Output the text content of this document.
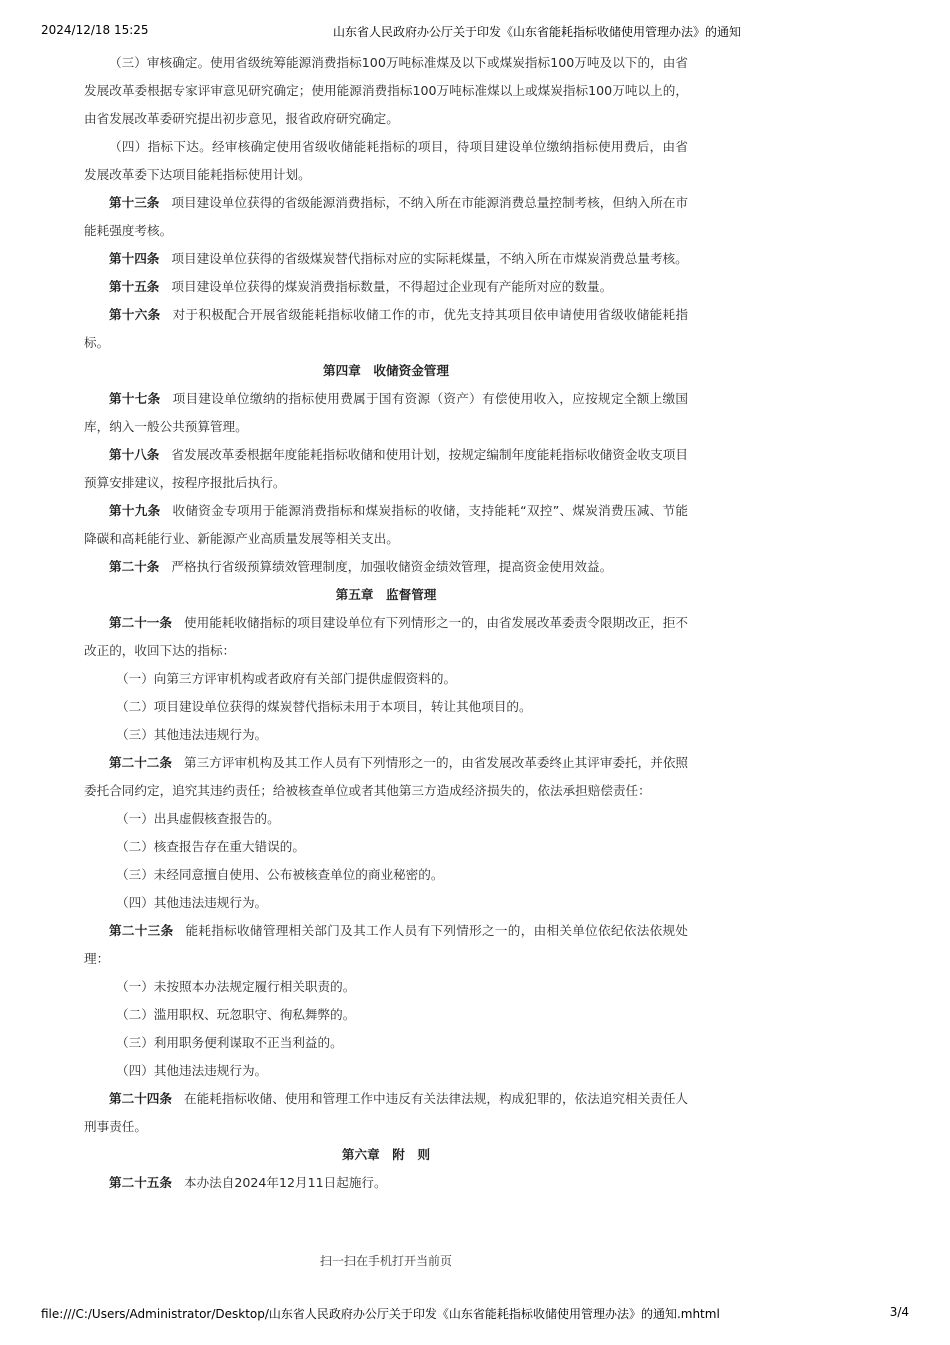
2024/12/18 15:25	山东省人民政府办公厅关于印发《山东省能耗指标收储使用管理办法》的通知

（三）审核确定。使用省级统筹能源消费指标100万吨标准煤及以下或煤炭指标100万吨及以下的，由省发展改革委根据专家评审意见研究确定；使用能源消费指标100万吨标准煤以上或煤炭指标100万吨以上的，由省发展改革委研究提出初步意见，报省政府研究确定。

（四）指标下达。经审核确定使用省级收储能耗指标的项目，待项目建设单位缴纳指标使用费后，由省发展改革委下达项目能耗指标使用计划。

第十三条 项目建设单位获得的省级能源消费指标，不纳入所在市能源消费总量控制考核，但纳入所在市能耗强度考核。

第十四条 项目建设单位获得的省级煤炭替代指标对应的实际耗煤量，不纳入所在市煤炭消费总量考核。

第十五条 项目建设单位获得的煤炭消费指标数量，不得超过企业现有产能所对应的数量。

第十六条 对于积极配合开展省级能耗指标收储工作的市，优先支持其项目依申请使用省级收储能耗指标。

第四章　收储资金管理

第十七条 项目建设单位缴纳的指标使用费属于国有资源（资产）有偿使用收入，应按规定全额上缴国库，纳入一般公共预算管理。

第十八条 省发展改革委根据年度能耗指标收储和使用计划，按规定编制年度能耗指标收储资金收支项目预算安排建议，按程序报批后执行。

第十九条 收储资金专项用于能源消费指标和煤炭指标的收储，支持能耗“双控”、煤炭消费压减、节能降碳和高耗能行业、新能源产业高质量发展等相关支出。

第二十条 严格执行省级预算绩效管理制度，加强收储资金绩效管理，提高资金使用效益。

第五章　监督管理

第二十一条 使用能耗收储指标的项目建设单位有下列情形之一的，由省发展改革委责令限期改正，拒不改正的，收回下达的指标：

（一）向第三方评审机构或者政府有关部门提供虚假资料的。

（二）项目建设单位获得的煤炭替代指标未用于本项目，转让其他项目的。

（三）其他违法违规行为。

第二十二条 第三方评审机构及其工作人员有下列情形之一的，由省发展改革委终止其评审委托，并依照委托合同约定，追究其违约责任；给被核查单位或者其他第三方造成经济损失的，依法承担赔偿责任：

（一）出具虚假核查报告的。

（二）核查报告存在重大错误的。

（三）未经同意擅自使用、公布被核查单位的商业秘密的。

（四）其他违法违规行为。

第二十三条 能耗指标收储管理相关部门及其工作人员有下列情形之一的，由相关单位依纪依法依规处理：

（一）未按照本办法规定履行相关职责的。

（二）滥用职权、玩忽职守、徇私舞弊的。

（三）利用职务便利谋取不正当利益的。

（四）其他违法违规行为。

第二十四条 在能耗指标收储、使用和管理工作中违反有关法律法规，构成犯罪的，依法追究相关责任人刑事责任。

第六章　附　则

第二十五条 本办法自2024年12月11日起施行。

扫一扫在手机打开当前页
file:///C:/Users/Administrator/Desktop/山东省人民政府办公厅关于印发《山东省能耗指标收储使用管理办法》的通知.mhtml	3/4
